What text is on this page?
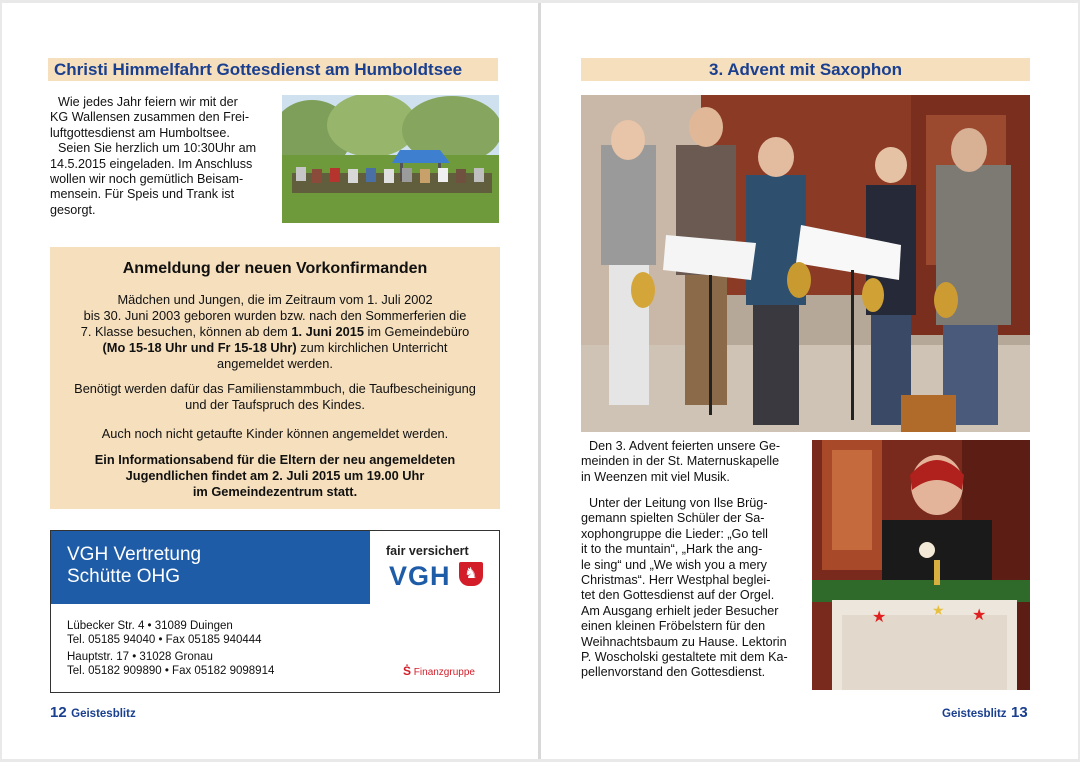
Christi Himmelfahrt Gottesdienst am Humboldtsee
Wie jedes Jahr feiern wir mit der
KG Wallensen zusammen den Frei-
luftgottesdienst am Humboltsee.
Seien Sie herzlich um 10:30Uhr am
14.5.2015 eingeladen. Im Anschluss
wollen wir noch gemütlich Beisam-
mensein. Für Speis und Trank ist
gesorgt.
Anmeldung der neuen Vorkonfirmanden
Mädchen und Jungen, die im Zeitraum vom 1. Juli 2002
bis 30. Juni 2003 geboren wurden bzw. nach den Sommerferien die
7. Klasse besuchen, können ab dem 1. Juni 2015 im Gemeindebüro
(Mo 15-18 Uhr und Fr 15-18 Uhr) zum kirchlichen Unterricht
angemeldet werden.
Benötigt werden dafür das Familienstammbuch, die Taufbescheinigung
und der Taufspruch des Kindes.
Auch noch nicht getaufte Kinder können angemeldet werden.
Ein Informationsabend für die Eltern der neu angemeldeten
Jugendlichen findet am 2. Juli 2015 um 19.00 Uhr
im Gemeindezentrum statt.
VGH Vertretung
Schütte OHG
fair versichert
VGH ♞
Lübecker Str. 4 • 31089 Duingen
Tel. 05185 94040 • Fax 05185 940444
Hauptstr. 17 • 31028 Gronau
Tel. 05182 909890 • Fax 05182 9098914	Ṡ Finanzgruppe
12 Geistesblitz
3. Advent mit Saxophon
Den 3. Advent feierten unsere Ge-
meinden in der St. Maternuskapelle
in Weenzen mit viel Musik.
Unter der Leitung von Ilse Brüg-
gemann spielten Schüler der Sa-
xophongruppe die Lieder: „Go tell
it to the muntain“, „Hark the ang-
le sing“ und „We wish you a mery
Christmas“. Herr Westphal beglei-
tet den Gottesdienst auf der Orgel.
Am Ausgang erhielt jeder Besucher
einen kleinen Fröbelstern für den
Weihnachtsbaum zu Hause. Lektorin
P. Woscholski gestaltete mit dem Ka-
pellenvorstand den Gottesdienst.
★	★ ★
Geistesblitz 13
